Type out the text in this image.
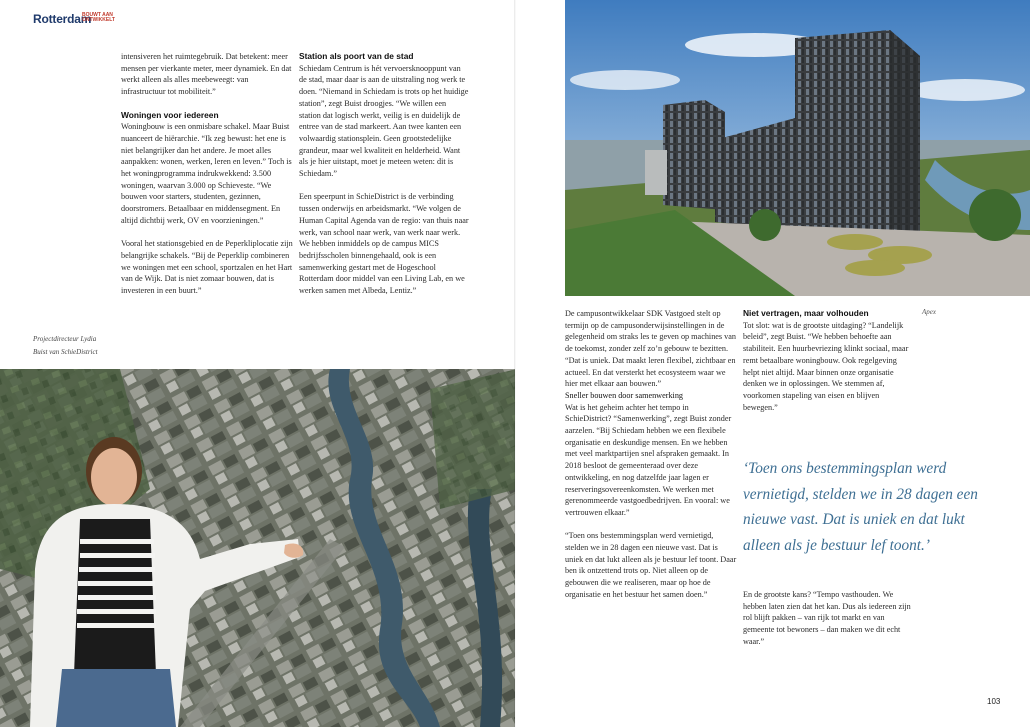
Rotterdam
BOUWT AAN ONTWIKKELT

intensiveren het ruimtegebruik. Dat betekent: meer mensen per vierkante meter, meer dynamiek. En dat werkt alleen als alles meebeweegt: van infrastructuur tot mobiliteit.”

Woningen voor iedereen

Woningbouw is een onmisbare schakel. Maar Buist nuanceert de hiërarchie. “Ik zeg bewust: het ene is niet belangrijker dan het andere. Je moet alles aanpakken: wonen, werken, leren en leven.” Toch is het woningprogramma indrukwekkend: 3.500 woningen, waarvan 3.000 op Schieveste. “We bouwen voor starters, studenten, gezinnen, doorstromers. Betaalbaar en middensegment. En altijd dichtbij werk, OV en voorzieningen.”

Vooral het stationsgebied en de Peperkliplocatie zijn belangrijke schakels. “Bij de Peperklip combineren we woningen met een school, sportzalen en het Hart van de Wijk. Dat is niet zomaar bouwen, dat is investeren in een buurt.”

Station als poort van de stad

Schiedam Centrum is hét vervoersknooppunt van de stad, maar daar is aan de uitstraling nog werk te doen. “Niemand in Schiedam is trots op het huidige station”, zegt Buist droogjes. “We willen een station dat logisch werkt, veilig is en duidelijk de entree van de stad markeert. Aan twee kanten een volwaardig stationsplein. Geen grootstedelijke grandeur, maar wel kwaliteit en helderheid. Want als je hier uitstapt, moet je meteen weten: dit is Schiedam.”

Een speerpunt in SchieDistrict is de verbinding tussen onderwijs en arbeidsmarkt. “We volgen de Human Capital Agenda van de regio: van thuis naar werk, van school naar werk, van werk naar werk. We hebben inmiddels op de campus MICS bedrijfsscholen binnengehaald, ook is een samenwerking gestart met de Hogeschool Rotterdam door middel van een Living Lab, en we werken samen met Albeda, Lentiz.”

Projectdirecteur Lydia
Buist van SchieDistrict
Apex

De campusontwikkelaar SDK Vastgoed stelt op termijn op de campusonderwijsinstellingen in de gelegenheid om straks les te geven op machines van de toekomst, zonder zelf zo’n gebouw te bezitten. “Dat is uniek. Dat maakt leren flexibel, zichtbaar en actueel. En dat versterkt het ecosysteem waar we hier met elkaar aan bouwen.”

Sneller bouwen door samenwerking

Wat is het geheim achter het tempo in SchieDistrict? “Samenwerking”, zegt Buist zonder aarzelen. “Bij Schiedam hebben we een flexibele organisatie en deskundige mensen. En we hebben met veel marktpartijen snel afspraken gemaakt. In 2018 besloot de gemeenteraad over deze ontwikkeling, en nog datzelfde jaar lagen er reserveringsovereenkomsten. We werken met gerenommeerde vastgoedbedrijven. En vooral: we vertrouwen elkaar.”

“Toen ons bestemmingsplan werd vernietigd, stelden we in 28 dagen een nieuwe vast. Dat is uniek en dat lukt alleen als je bestuur lef toont. Daar ben ik ontzettend trots op. Niet alleen op de gebouwen die we realiseren, maar op hoe de organisatie en het bestuur het samen doen.”

Niet vertragen, maar volhouden

Tot slot: wat is de grootste uitdaging? “Landelijk beleid”, zegt Buist. “We hebben behoefte aan stabiliteit. Een huurbevriezing klinkt sociaal, maar remt betaalbare woningbouw. Ook regelgeving helpt niet altijd. Maar binnen onze organisatie denken we in oplossingen. We stemmen af, voorkomen stapeling van eisen en blijven bewegen.”

‘Toen ons bestemmingsplan werd vernietigd, stelden we in 28 dagen een nieuwe vast. Dat is uniek en dat lukt alleen als je bestuur lef toont.’

En de grootste kans? “Tempo vasthouden. We hebben laten zien dat het kan. Dus als iedereen zijn rol blijft pakken – van rijk tot markt en van gemeente tot bewoners – dan maken we dit echt waar.”

103
